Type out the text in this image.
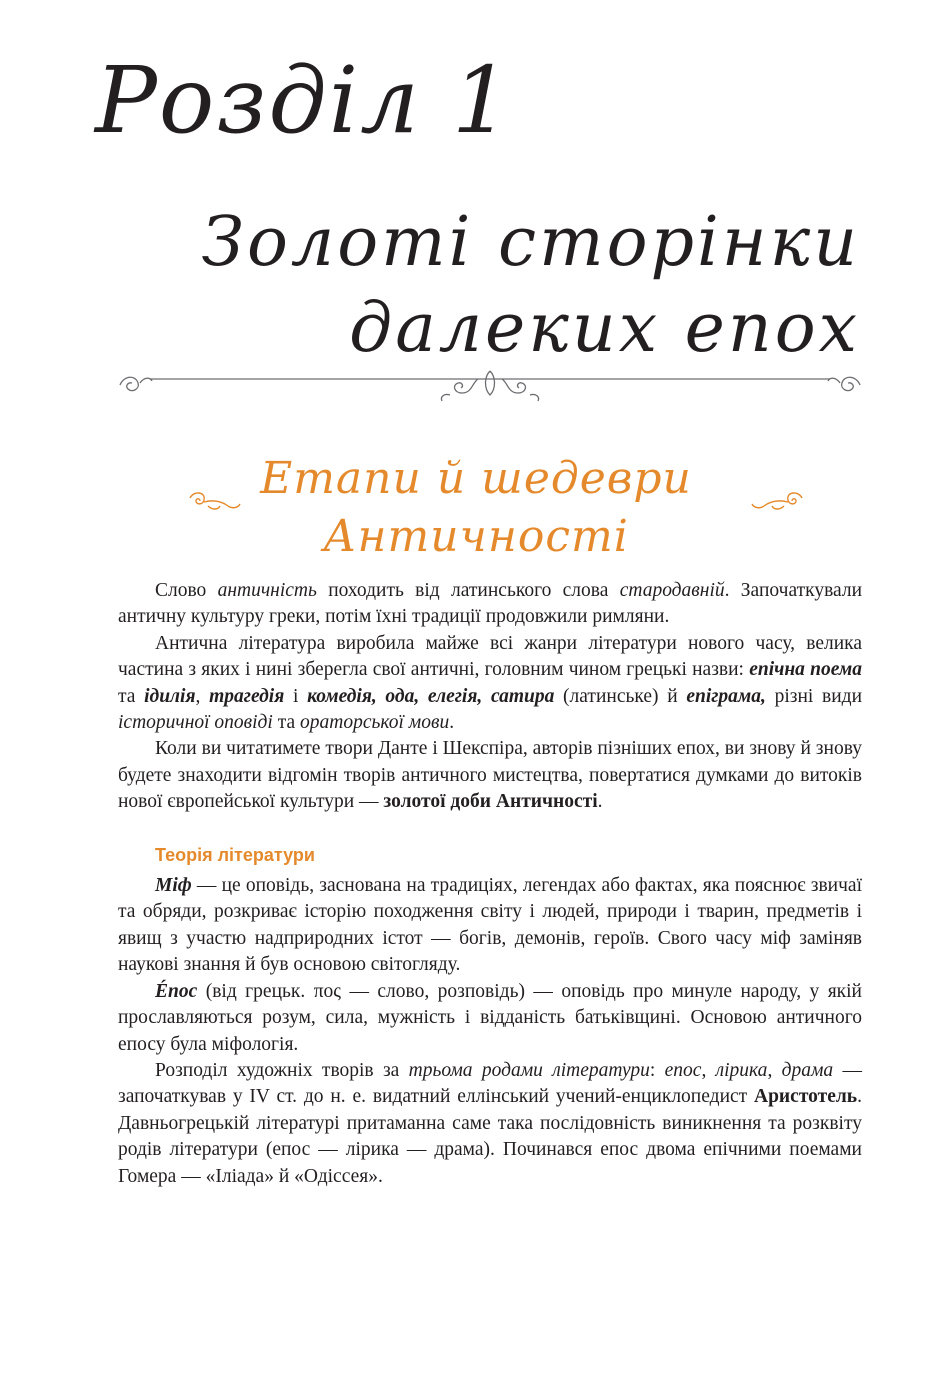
Розділ 1
Золоті сторінки
далеких епох
Етапи й шедеври
Античності

Слово античність походить від латинського слова стародавній. Започаткували античну культуру греки, потім їхні традиції продовжили римляни.

Антична література виробила майже всі жанри літератури нового часу, велика частина з яких і нині зберегла свої античні, головним чином грецькі назви: епічна поема та ідилія, трагедія і комедія, ода, елегія, сатира (латинське) й епіграма, різні види історичної оповіді та ораторської мови.

Коли ви читатимете твори Данте і Шекспіра, авторів пізніших епох, ви знову й знову будете знаходити відгомін творів античного мистецтва, повертатися думками до витоків нової європейської культури — золотої доби Античності.

Теорія літератури

Міф — це оповідь, заснована на традиціях, легендах або фактах, яка пояснює звичаї та обряди, розкриває історію походження світу і людей, природи і тварин, предметів і явищ з участю надприродних істот — богів, демонів, героїв. Свого часу міф заміняв наукові знання й був основою світогляду.

Éпос (від грецьк. πος — слово, розповідь) — оповідь про минуле народу, у якій прославляються розум, сила, мужність і відданість батьківщині. Основою античного епосу була міфологія.

Розподіл художніх творів за трьома родами літератури: епос, лірика, драма — започаткував у IV ст. до н. е. видатний еллінський учений-енциклопедист Аристотель. Давньогрецькій літературі притаманна саме така послідовність виникнення та розквіту родів літератури (епос — лірика — драма). Починався епос двома епічними поемами Гомера — «Іліада» й «Одіссея».
